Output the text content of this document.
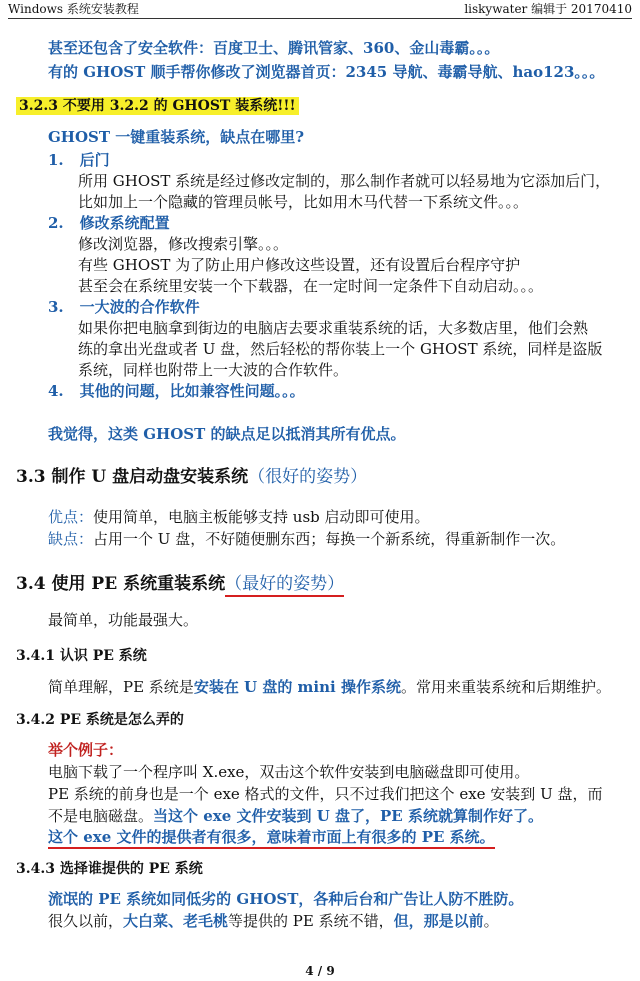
Windows 系统安装教程	liskywater 编辑于 20170410
甚至还包含了安全软件：百度卫士、腾讯管家、360、金山毒霸。。。
有的 GHOST 顺手帮你修改了浏览器首页：2345 导航、毒霸导航、hao123。。。
3.2.3 不要用 3.2.2 的 GHOST 装系统!!!
GHOST 一键重装系统，缺点在哪里?
1. 后门
所用 GHOST 系统是经过修改定制的，那么制作者就可以轻易地为它添加后门，
比如加上一个隐藏的管理员帐号，比如用木马代替一下系统文件。。。
2. 修改系统配置
修改浏览器，修改搜索引擎。。。
有些 GHOST 为了防止用户修改这些设置，还有设置后台程序守护
甚至会在系统里安装一个下载器，在一定时间一定条件下自动启动。。。
3. 一大波的合作软件
如果你把电脑拿到街边的电脑店去要求重装系统的话，大多数店里，他们会熟
练的拿出光盘或者 U 盘，然后轻松的帮你装上一个 GHOST 系统，同样是盗版
系统，同样也附带上一大波的合作软件。
4. 其他的问题，比如兼容性问题。。。
我觉得，这类 GHOST 的缺点足以抵消其所有优点。
3.3 制作 U 盘启动盘安装系统（很好的姿势）
优点：使用简单，电脑主板能够支持 usb 启动即可使用。
缺点：占用一个 U 盘，不好随便删东西；每换一个新系统，得重新制作一次。
3.4 使用 PE 系统重装系统（最好的姿势）
最简单，功能最强大。
3.4.1 认识 PE 系统
简单理解，PE 系统是安装在 U 盘的 mini 操作系统。常用来重装系统和后期维护。
3.4.2 PE 系统是怎么弄的
举个例子：
电脑下载了一个程序叫 X.exe，双击这个软件安装到电脑磁盘即可使用。
PE 系统的前身也是一个 exe 格式的文件，只不过我们把这个 exe 安装到 U 盘，而
不是电脑磁盘。当这个 exe 文件安装到 U 盘了，PE 系统就算制作好了。
这个 exe 文件的提供者有很多，意味着市面上有很多的 PE 系统。
3.4.3 选择谁提供的 PE 系统
流氓的 PE 系统如同低劣的 GHOST，各种后台和广告让人防不胜防。
很久以前，大白菜、老毛桃等提供的 PE 系统不错，但，那是以前。
4 / 9
